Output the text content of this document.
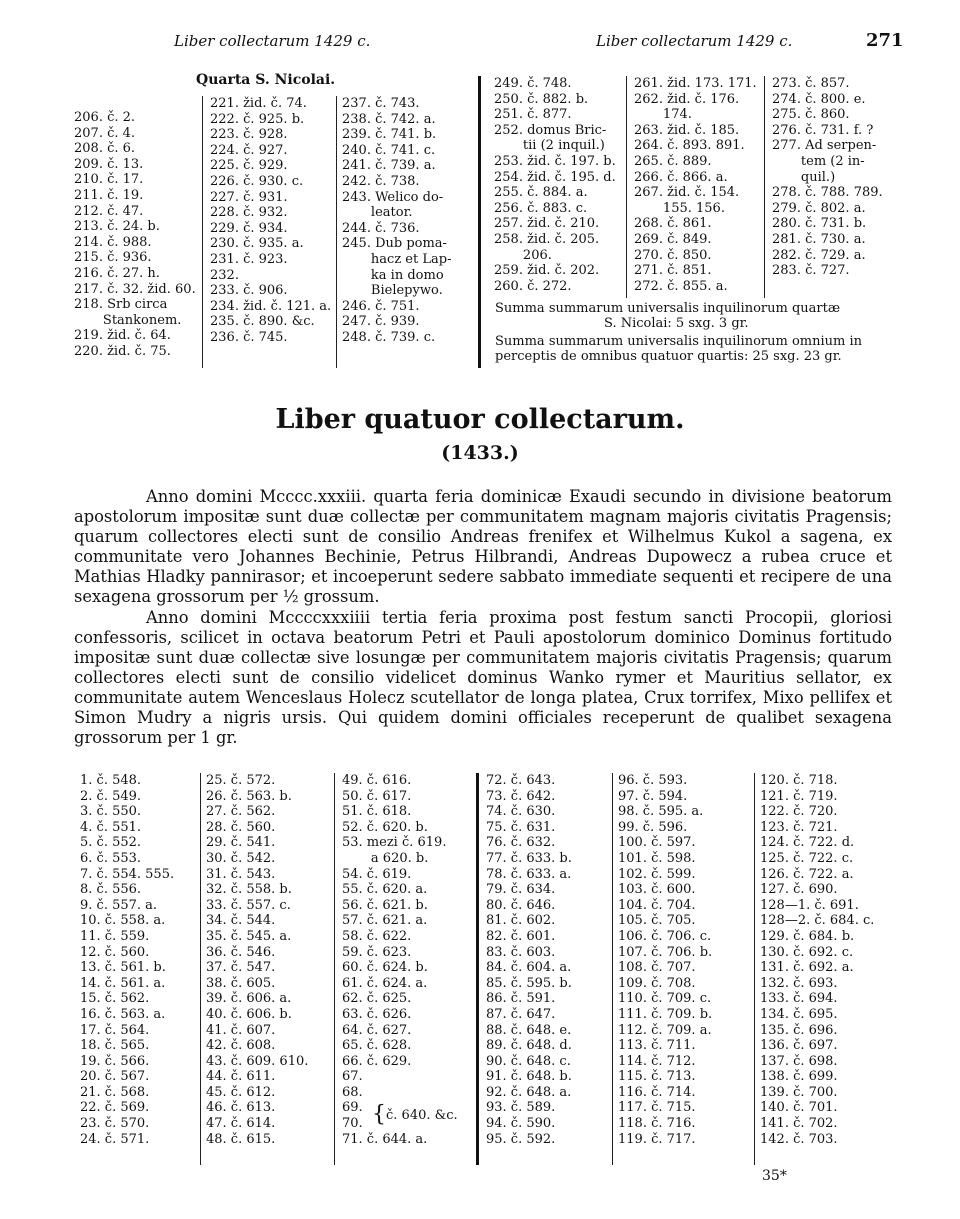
Liber collectarum 1429 c.	Liber collectarum 1429 c.	271
Quarta S. Nicolai.
206. č. 2.
207. č. 4.
208. č. 6.
209. č. 13.
210. č. 17.
211. č. 19.
212. č. 47.
213. č. 24. b.
214. č. 988.
215. č. 936.
216. č. 27. h.
217. č. 32. žid. 60.
218. Srb circa
Stankonem.
219. žid. č. 64.
220. žid. č. 75.
221. žid. č. 74.
222. č. 925. b.
223. č. 928.
224. č. 927.
225. č. 929.
226. č. 930. c.
227. č. 931.
228. č. 932.
229. č. 934.
230. č. 935. a.
231. č. 923.
232.
233. č. 906.
234. žid. č. 121. a.
235. č. 890. &c.
236. č. 745.
237. č. 743.
238. č. 742. a.
239. č. 741. b.
240. č. 741. c.
241. č. 739. a.
242. č. 738.
243. Welico do-
leator.
244. č. 736.
245. Dub poma-
hacz et Lap-
ka in domo
Bielepywo.
246. č. 751.
247. č. 939.
248. č. 739. c.
249. č. 748.
250. č. 882. b.
251. č. 877.
252. domus Bric-
tii (2 inquil.)
253. žid. č. 197. b.
254. žid. č. 195. d.
255. č. 884. a.
256. č. 883. c.
257. žid. č. 210.
258. žid. č. 205.
206.
259. žid. č. 202.
260. č. 272.
261. žid. 173. 171.
262. žid. č. 176.
174.
263. žid. č. 185.
264. č. 893. 891.
265. č. 889.
266. č. 866. a.
267. žid. č. 154.
155. 156.
268. č. 861.
269. č. 849.
270. č. 850.
271. č. 851.
272. č. 855. a.
273. č. 857.
274. č. 800. e.
275. č. 860.
276. č. 731. f. ?
277. Ad serpen-
tem (2 in-
quil.)
278. č. 788. 789.
279. č. 802. a.
280. č. 731. b.
281. č. 730. a.
282. č. 729. a.
283. č. 727.
Summa summarum universalis inquilinorum quartæ
S. Nicolai: 5 sxg. 3 gr.
Summa summarum universalis inquilinorum omnium in
perceptis de omnibus quatuor quartis: 25 sxg. 23 gr.
Liber quatuor collectarum.
(1433.)

Anno domini Mcccc.xxxiii. quarta feria dominicæ Exaudi secundo in divisione beatorum apostolorum impositæ sunt duæ collectæ per communitatem magnam majoris civitatis Pragensis; quarum collectores electi sunt de consilio Andreas frenifex et Wilhelmus Kukol a sagena, ex communitate vero Johannes Bechinie, Petrus Hilbrandi, Andreas Dupowecz a rubea cruce et Mathias Hladky pannirasor; et incoeperunt sedere sabbato immediate sequenti et recipere de una sexagena grossorum per ½ grossum.

Anno domini Mccccxxxiiii tertia feria proxima post festum sancti Procopii, gloriosi confessoris, scilicet in octava beatorum Petri et Pauli apostolorum dominico Dominus fortitudo impositæ sunt duæ collectæ sive losungæ per communitatem majoris civitatis Pragensis; quarum collectores electi sunt de consilio videlicet dominus Wanko rymer et Mauritius sellator, ex communitate autem Wenceslaus Holecz scutellator de longa platea, Crux torrifex, Mixo pellifex et Simon Mudry a nigris ursis. Qui quidem domini officiales receperunt de qualibet sexagena grossorum per 1 gr.

1. č. 548.
2. č. 549.
3. č. 550.
4. č. 551.
5. č. 552.
6. č. 553.
7. č. 554. 555.
8. č. 556.
9. č. 557. a.
10. č. 558. a.
11. č. 559.
12. č. 560.
13. č. 561. b.
14. č. 561. a.
15. č. 562.
16. č. 563. a.
17. č. 564.
18. č. 565.
19. č. 566.
20. č. 567.
21. č. 568.
22. č. 569.
23. č. 570.
24. č. 571.
25. č. 572.
26. č. 563. b.
27. č. 562.
28. č. 560.
29. č. 541.
30. č. 542.
31. č. 543.
32. č. 558. b.
33. č. 557. c.
34. č. 544.
35. č. 545. a.
36. č. 546.
37. č. 547.
38. č. 605.
39. č. 606. a.
40. č. 606. b.
41. č. 607.
42. č. 608.
43. č. 609. 610.
44. č. 611.
45. č. 612.
46. č. 613.
47. č. 614.
48. č. 615.
49. č. 616.
50. č. 617.
51. č. 618.
52. č. 620. b.
53. mezi č. 619.
a 620. b.
54. č. 619.
55. č. 620. a.
56. č. 621. b.
57. č. 621. a.
58. č. 622.
59. č. 623.
60. č. 624. b.
61. č. 624. a.
62. č. 625.
63. č. 626.
64. č. 627.
65. č. 628.
66. č. 629.
67.
68.
69.
70.
71. č. 644. a.
{ č. 640. &c.
72. č. 643.
73. č. 642.
74. č. 630.
75. č. 631.
76. č. 632.
77. č. 633. b.
78. č. 633. a.
79. č. 634.
80. č. 646.
81. č. 602.
82. č. 601.
83. č. 603.
84. č. 604. a.
85. č. 595. b.
86. č. 591.
87. č. 647.
88. č. 648. e.
89. č. 648. d.
90. č. 648. c.
91. č. 648. b.
92. č. 648. a.
93. č. 589.
94. č. 590.
95. č. 592.
96. č. 593.
97. č. 594.
98. č. 595. a.
99. č. 596.
100. č. 597.
101. č. 598.
102. č. 599.
103. č. 600.
104. č. 704.
105. č. 705.
106. č. 706. c.
107. č. 706. b.
108. č. 707.
109. č. 708.
110. č. 709. c.
111. č. 709. b.
112. č. 709. a.
113. č. 711.
114. č. 712.
115. č. 713.
116. č. 714.
117. č. 715.
118. č. 716.
119. č. 717.
120. č. 718.
121. č. 719.
122. č. 720.
123. č. 721.
124. č. 722. d.
125. č. 722. c.
126. č. 722. a.
127. č. 690.
128—1. č. 691.
128—2. č. 684. c.
129. č. 684. b.
130. č. 692. c.
131. č. 692. a.
132. č. 693.
133. č. 694.
134. č. 695.
135. č. 696.
136. č. 697.
137. č. 698.
138. č. 699.
139. č. 700.
140. č. 701.
141. č. 702.
142. č. 703.
35*
